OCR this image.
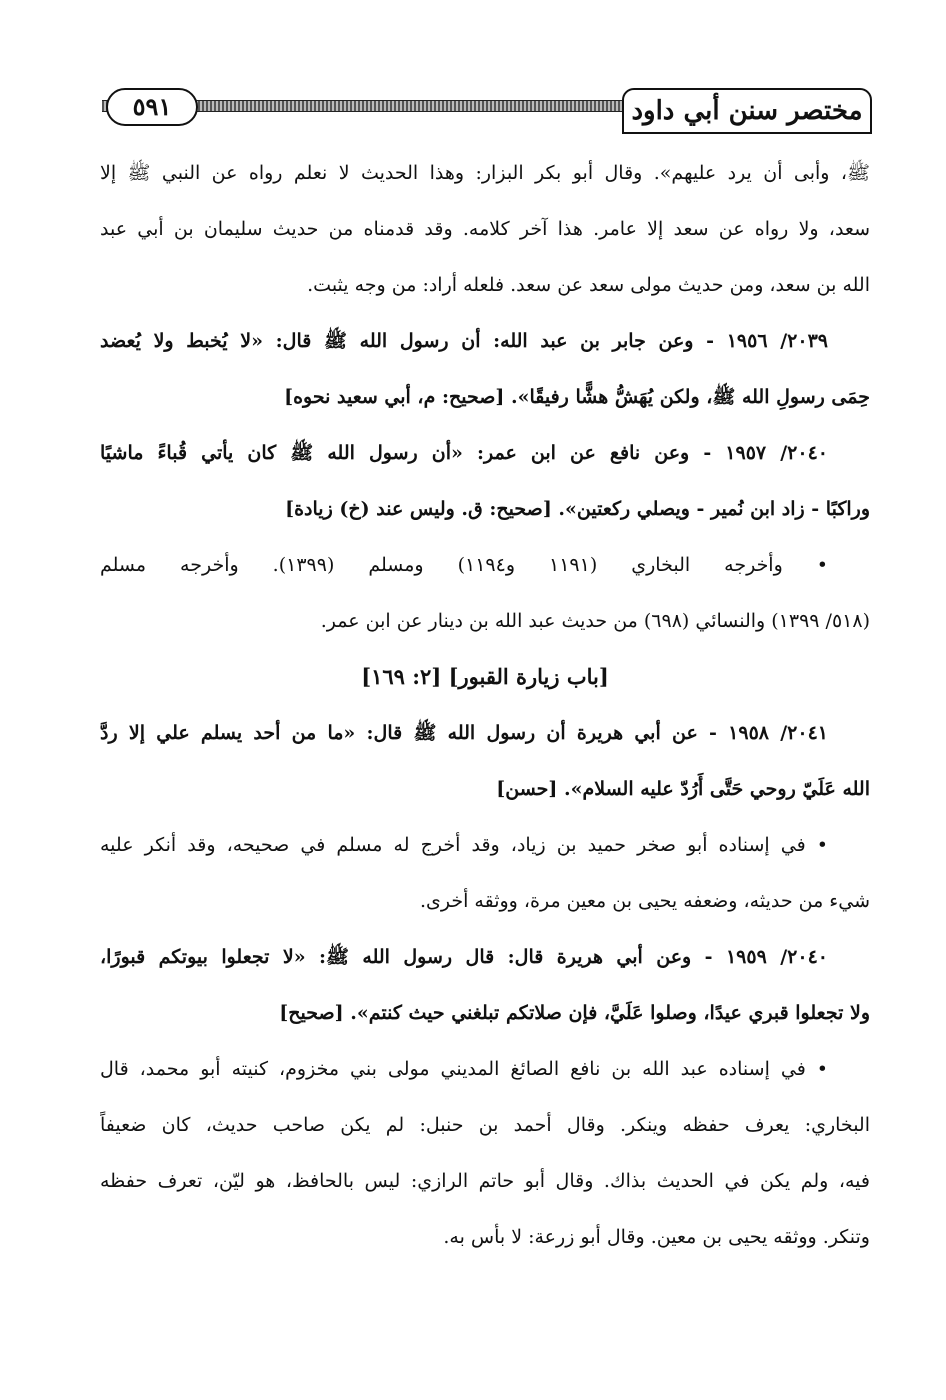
٥٩١	مختصر سنن أبي داود
ﷺ، وأبى أن يرد عليهم». وقال أبو بكر البزار: وهذا الحديث لا نعلم رواه عن النبي ﷺ إلا
سعد، ولا رواه عن سعد إلا عامر. هذا آخر كلامه. وقد قدمناه من حديث سليمان بن أبي عبد
الله بن سعد، ومن حديث مولى سعد عن سعد. فلعله أراد: من وجه يثبت.
٢٠٣٩/ ١٩٥٦ - وعن جابر بن عبد الله: أن رسول الله ﷺ قال: «لا يُخبط ولا يُعضد
حِمَى رسولِ الله ﷺ، ولكن يُهَشُّ هشًّا رفيقًا». [صحيح: م، أبي سعيد نحوه]
٢٠٤٠/ ١٩٥٧ - وعن نافع عن ابن عمر: «أن رسول الله ﷺ كان يأتي قُباءً ماشيًا
وراكبًا - زاد ابن نُمير - ويصلي ركعتين». [صحيح: ق. وليس عند (خ) زيادة]
• وأخرجه البخاري (١١٩١ و١١٩٤) ومسلم (١٣٩٩). وأخرجه مسلم
(٥١٨/ ١٣٩٩) والنسائي (٦٩٨) من حديث عبد الله بن دينار عن ابن عمر.
[باب زيارة القبور] [٢: ١٦٩]
٢٠٤١/ ١٩٥٨ - عن أبي هريرة أن رسول الله ﷺ قال: «ما من أحد يسلم علي إلا ردَّ
الله عَلَيّ روحي حَتَّى أَرُدّ عليه السلام». [حسن]
• في إسناده أبو صخر حميد بن زياد، وقد أخرج له مسلم في صحيحه، وقد أنكر عليه
شيء من حديثه، وضعفه يحيى بن معين مرة، ووثقه أخرى.
٢٠٤٠/ ١٩٥٩ - وعن أبي هريرة قال: قال رسول الله ﷺ: «لا تجعلوا بيوتكم قبورًا،
ولا تجعلوا قبري عيدًا، وصلوا عَلَيَّ، فإن صلاتكم تبلغني حيث كنتم». [صحيح]
• في إسناده عبد الله بن نافع الصائغ المديني مولى بني مخزوم، كنيته أبو محمد، قال
البخاري: يعرف حفظه وينكر. وقال أحمد بن حنبل: لم يكن صاحب حديث، كان ضعيفاً
فيه، ولم يكن في الحديث بذاك. وقال أبو حاتم الرازي: ليس بالحافظ، هو ليّن، تعرف حفظه
وتنكر. ووثقه يحيى بن معين. وقال أبو زرعة: لا بأس به.
